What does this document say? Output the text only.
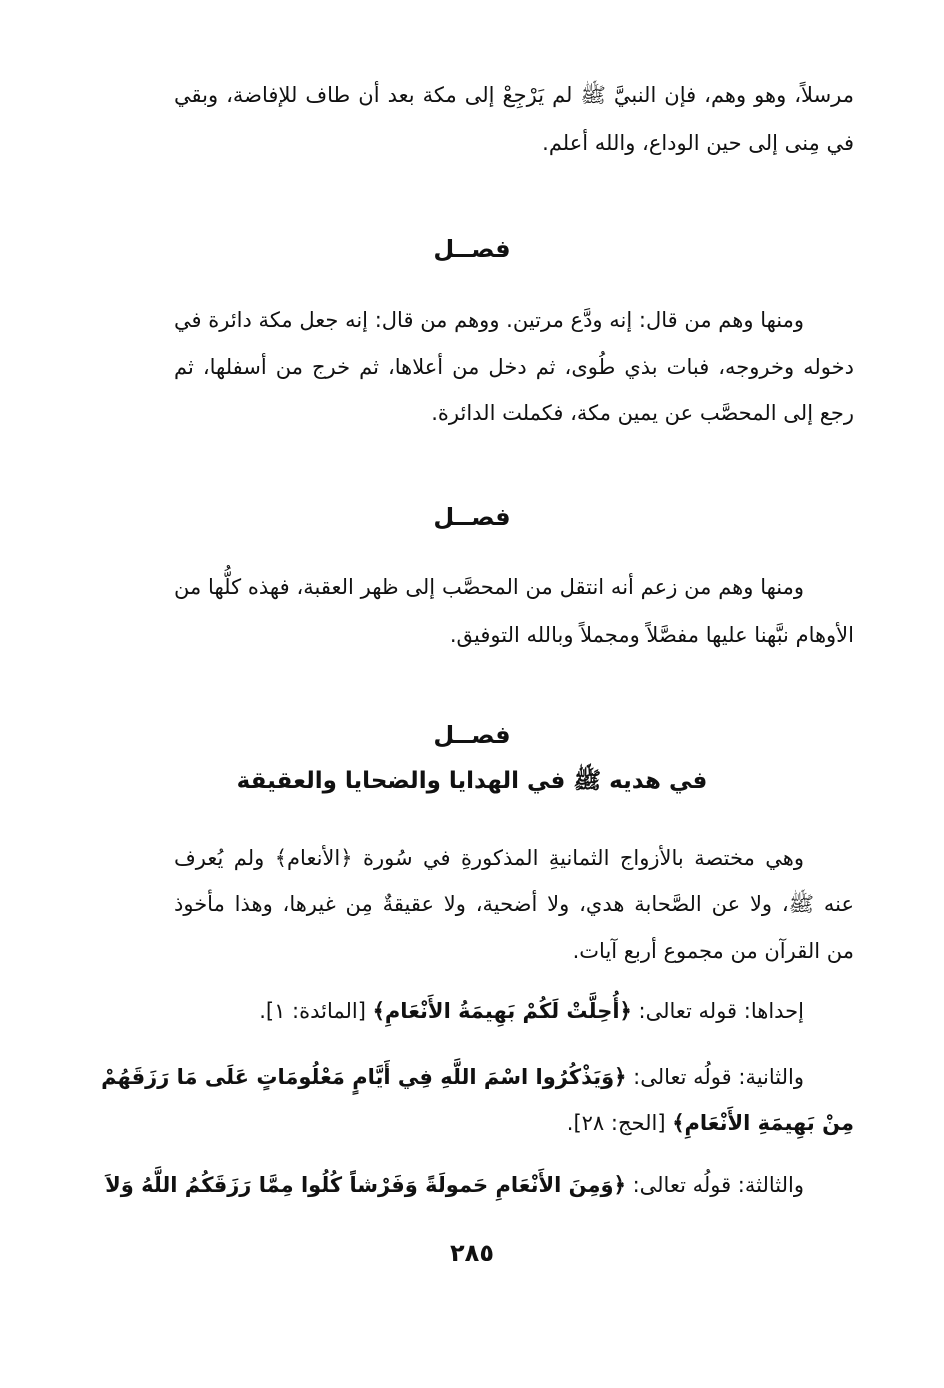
مرسلاً، وهو وهم، فإن النبيَّ ﷺ لم يَرْجِعْ إلى مكة بعد أن طاف للإفاضة، وبقي
في مِنى إلى حين الوداع، والله أعلم.
فصــل
ومنها وهم من قال: إنه ودَّع مرتين. ووهم من قال: إنه جعل مكة دائرة في
دخوله وخروجه، فبات بذي طُوى، ثم دخل من أعلاها، ثم خرج من أسفلها، ثم
رجع إلى المحصَّب عن يمين مكة، فكملت الدائرة.
فصــل
ومنها وهم من زعم أنه انتقل من المحصَّب إلى ظهر العقبة، فهذه كلُّها من
الأوهام نبَّهنا عليها مفصَّلاً ومجملاً وبالله التوفيق.
فصــل
في هديه ﷺ في الهدايا والضحايا والعقيقة
وهي مختصة بالأزواج الثمانيةِ المذكورةِ في سُورة ﴿الأنعام﴾ ولم يُعرف
عنه ﷺ، ولا عن الصَّحابة هدي، ولا أضحية، ولا عقيقةٌ مِن غيرها، وهذا مأخوذ
من القرآن من مجموع أربع آيات.
إحداها: قوله تعالى: ﴿أُحِلَّتْ لَكُمْ بَهِيمَةُ الأَنْعَامِ﴾ [المائدة: ١].
والثانية: قولُه تعالى: ﴿وَيَذْكُرُوا اسْمَ اللَّهِ فِي أَيَّامٍ مَعْلُومَاتٍ عَلَى مَا رَزَقَهُمْ
مِنْ بَهِيمَةِ الأَنْعَامِ﴾ [الحج: ٢٨].
والثالثة: قولُه تعالى: ﴿وَمِنَ الأَنْعَامِ حَمولَةً وَفَرْشاً كُلُوا مِمَّا رَزَقَكُمُ اللَّهُ وَلاَ
٢٨٥
